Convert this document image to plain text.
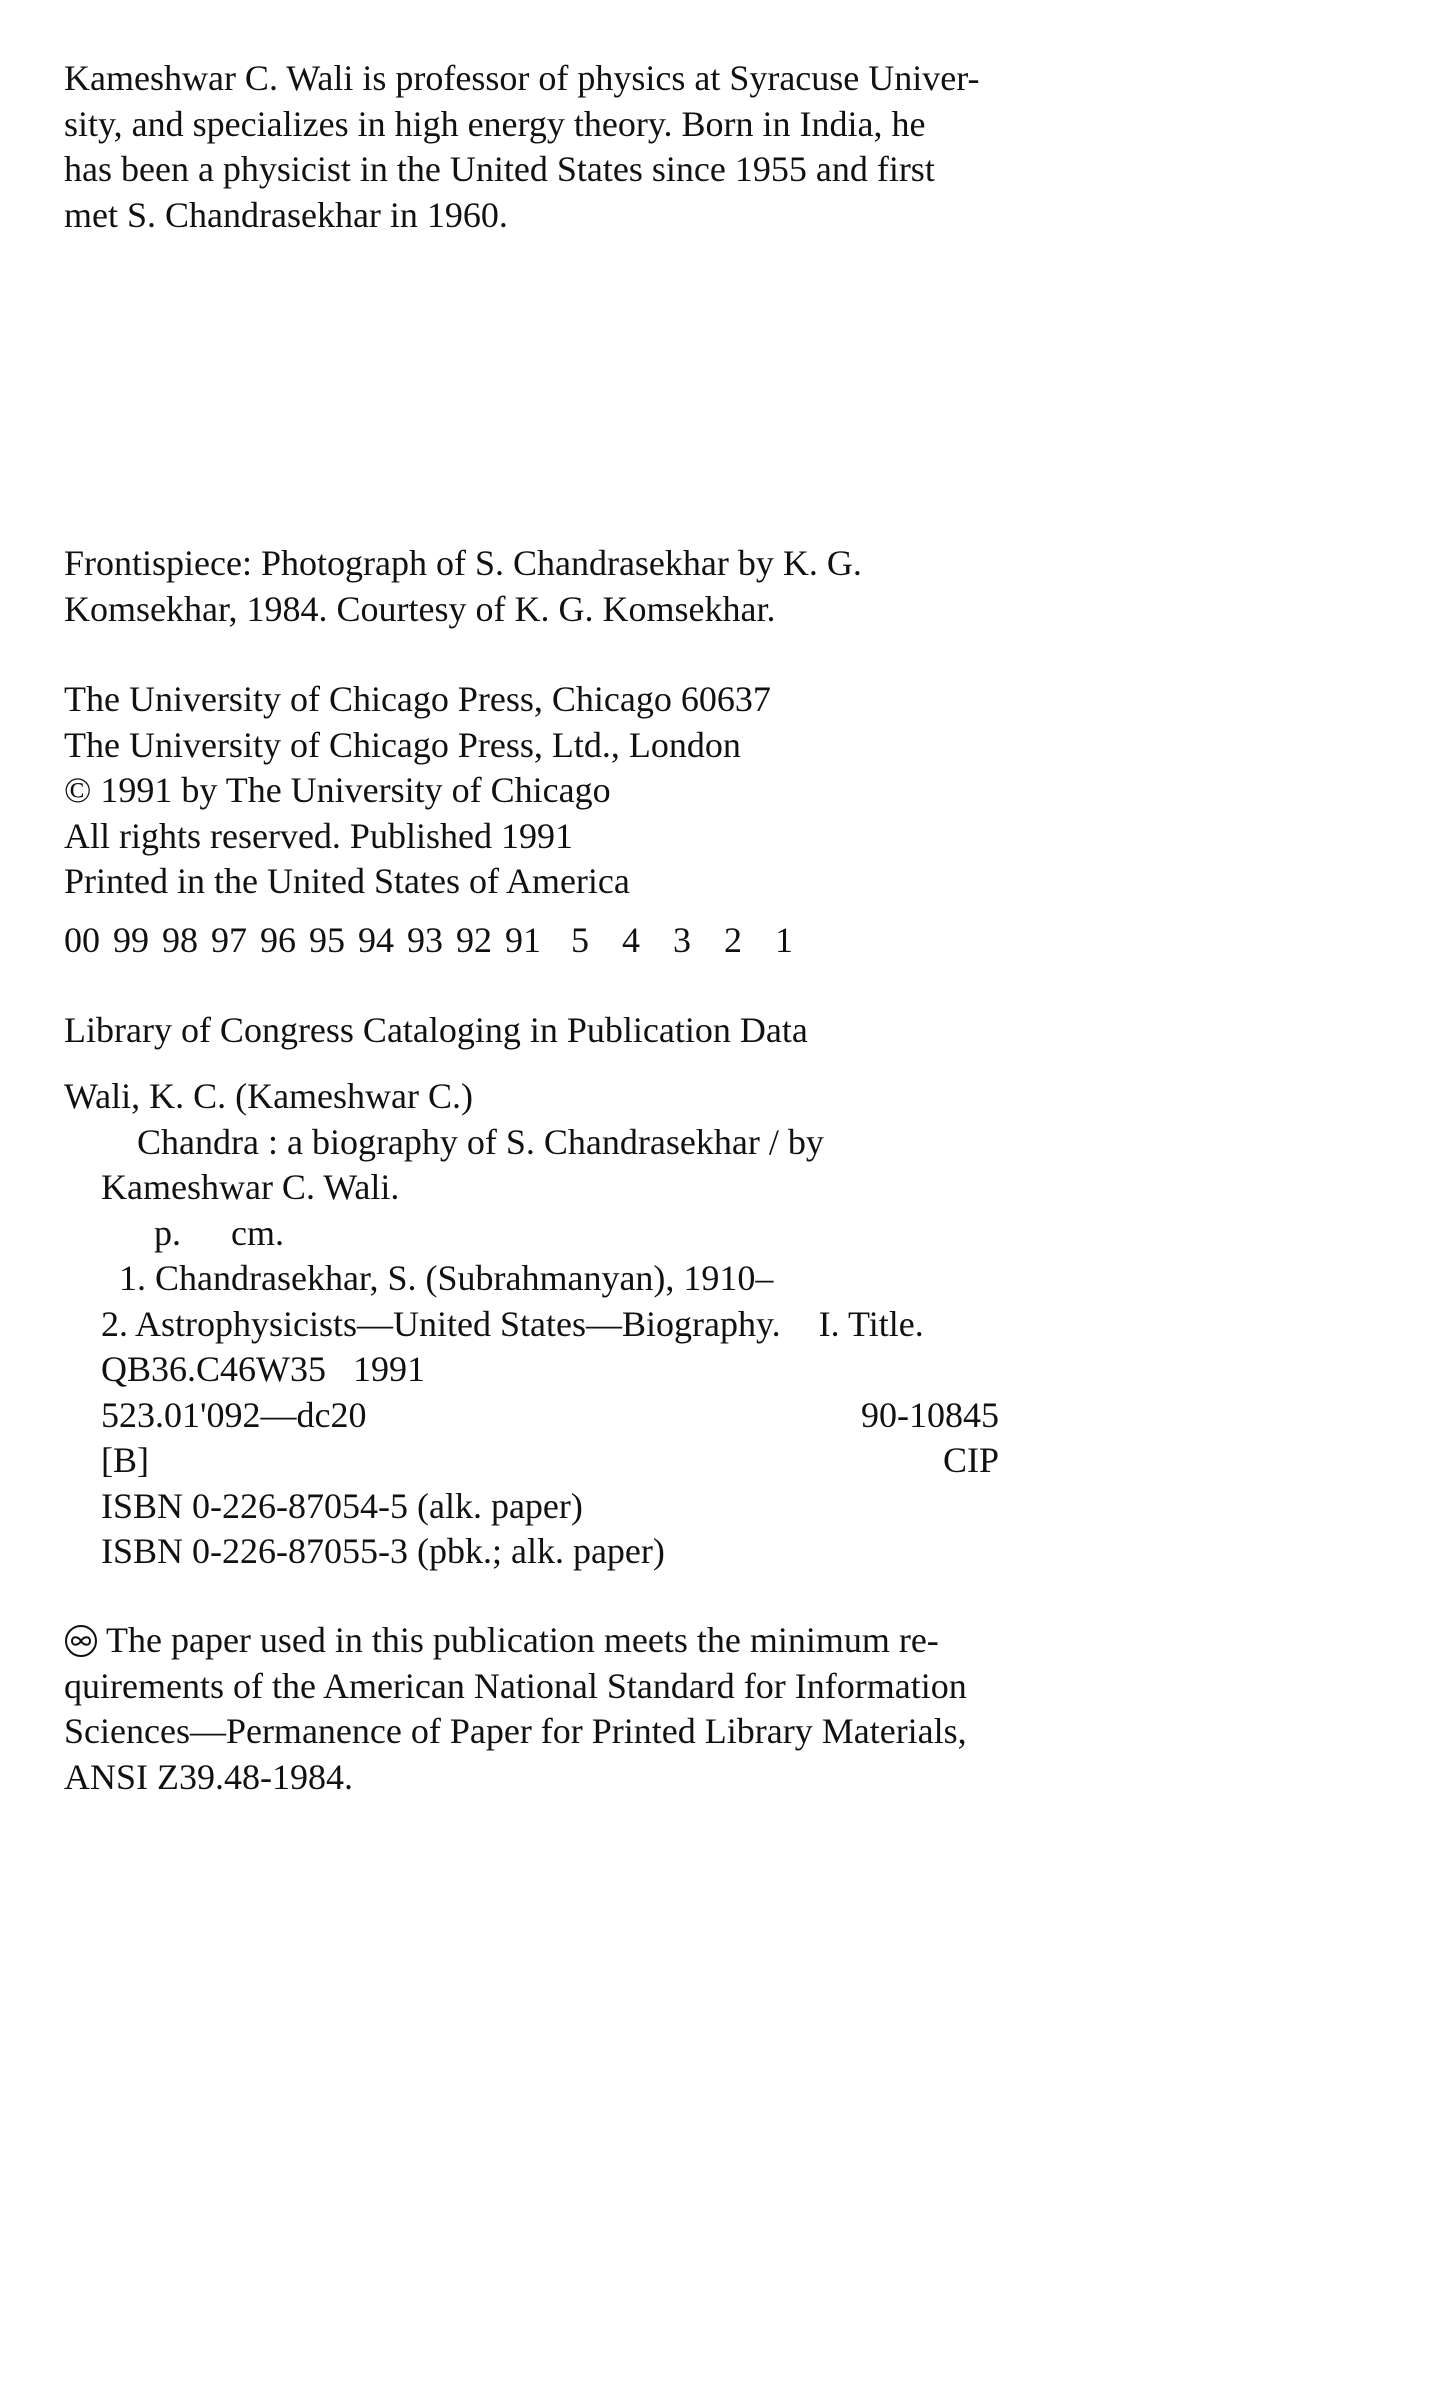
Kameshwar C. Wali is professor of physics at Syracuse Univer-
sity, and specializes in high energy theory. Born in India, he
has been a physicist in the United States since 1955 and first
met S. Chandrasekhar in 1960.
Frontispiece: Photograph of S. Chandrasekhar by K. G.
Komsekhar, 1984. Courtesy of K. G. Komsekhar.
The University of Chicago Press, Chicago 60637
The University of Chicago Press, Ltd., London
© 1991 by The University of Chicago
All rights reserved. Published 1991
Printed in the United States of America
00 99 98 97 96 95 94 93 92 91 5 4 3 2 1
Library of Congress Cataloging in Publication Data
Wali, K. C. (Kameshwar C.)
Chandra : a biography of S. Chandrasekhar / by
Kameshwar C. Wali.
p. cm.
1. Chandrasekhar, S. (Subrahmanyan), 1910–
2. Astrophysicists—United States—Biography. I. Title.
QB36.C46W35   1991
523.01'092—dc20	90-10845
[B]	CIP
ISBN 0-226-87054-5 (alk. paper)
ISBN 0-226-87055-3 (pbk.; alk. paper)
The paper used in this publication meets the minimum re-
quirements of the American National Standard for Information
Sciences—Permanence of Paper for Printed Library Materials,
ANSI Z39.48-1984.
